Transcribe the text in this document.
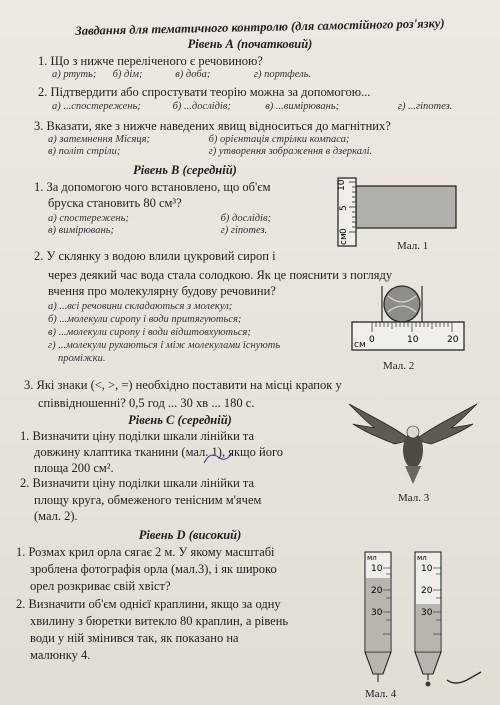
Завдання для тематичного контролю (для самостійного роз'язку)
Рівень А (початковий)
1. Що з нижче переліченого є речовиною?
а) ртуть; б) дім;	в) доба;	г) портфель.
2. Підтвердити або спростувати теорію можна за допомогою...
а) ...спостережень;	б) ...дослідів;	в) ...вимірювань;	г) ...гіпотез.
3. Вказати, яке з нижче наведених явищ відноситься до магнітних?
а) затемнення Місяця;	б) орієнтація стрілки компаса;
в) політ стріли;	г) утворення зображення в дзеркалі.
Рівень В (середній)
1. За допомогою чого встановлено, що об'єм
бруска становить 80 см³?
а) спостережень;	б) дослідів;
в) вимірювань;	г) гіпотез.
10
5
0
см
Мал. 1
2. У склянку з водою влили цукровий сироп і
через деякий час вода стала солодкою. Як це пояснити з погляду
вчення про молекулярну будову речовини?
а) ...всі речовини складаються з молекул;
б) ...молекули сиропу і води притягуються;
в) ...молекули сиропу і води відштовхуються;
г) ...молекули рухаються і між молекулами існують
проміжки.
0	10	20
см
Мал. 2
3. Які знаки (<, >, =) необхідно поставити на місці крапок у
співвідношенні? 0,5 год ... 30 хв ... 180 с.
Рівень С (середній)
1. Визначити ціну поділки шкали лінійки та
довжину клаптика тканини (мал. 1), якщо його
площа 200 см².
2. Визначити ціну поділки шкали лінійки та
площу круга, обмеженого тенісним м'ячем
(мал. 2).
Мал. 3
Рівень D (високий)
1. Розмах крил орла сягає 2 м. У якому масштабі
зроблена фотографія орла (мал.3), і як широко
орел розкриває свій хвіст?
2. Визначити об'єм однієї краплини, якщо за одну
хвилину з бюретки витекло 80 краплин, а рівень
води у ній змінився так, як показано на
малюнку 4.
мл
10
20
30
мл
10
20
30
Мал. 4
